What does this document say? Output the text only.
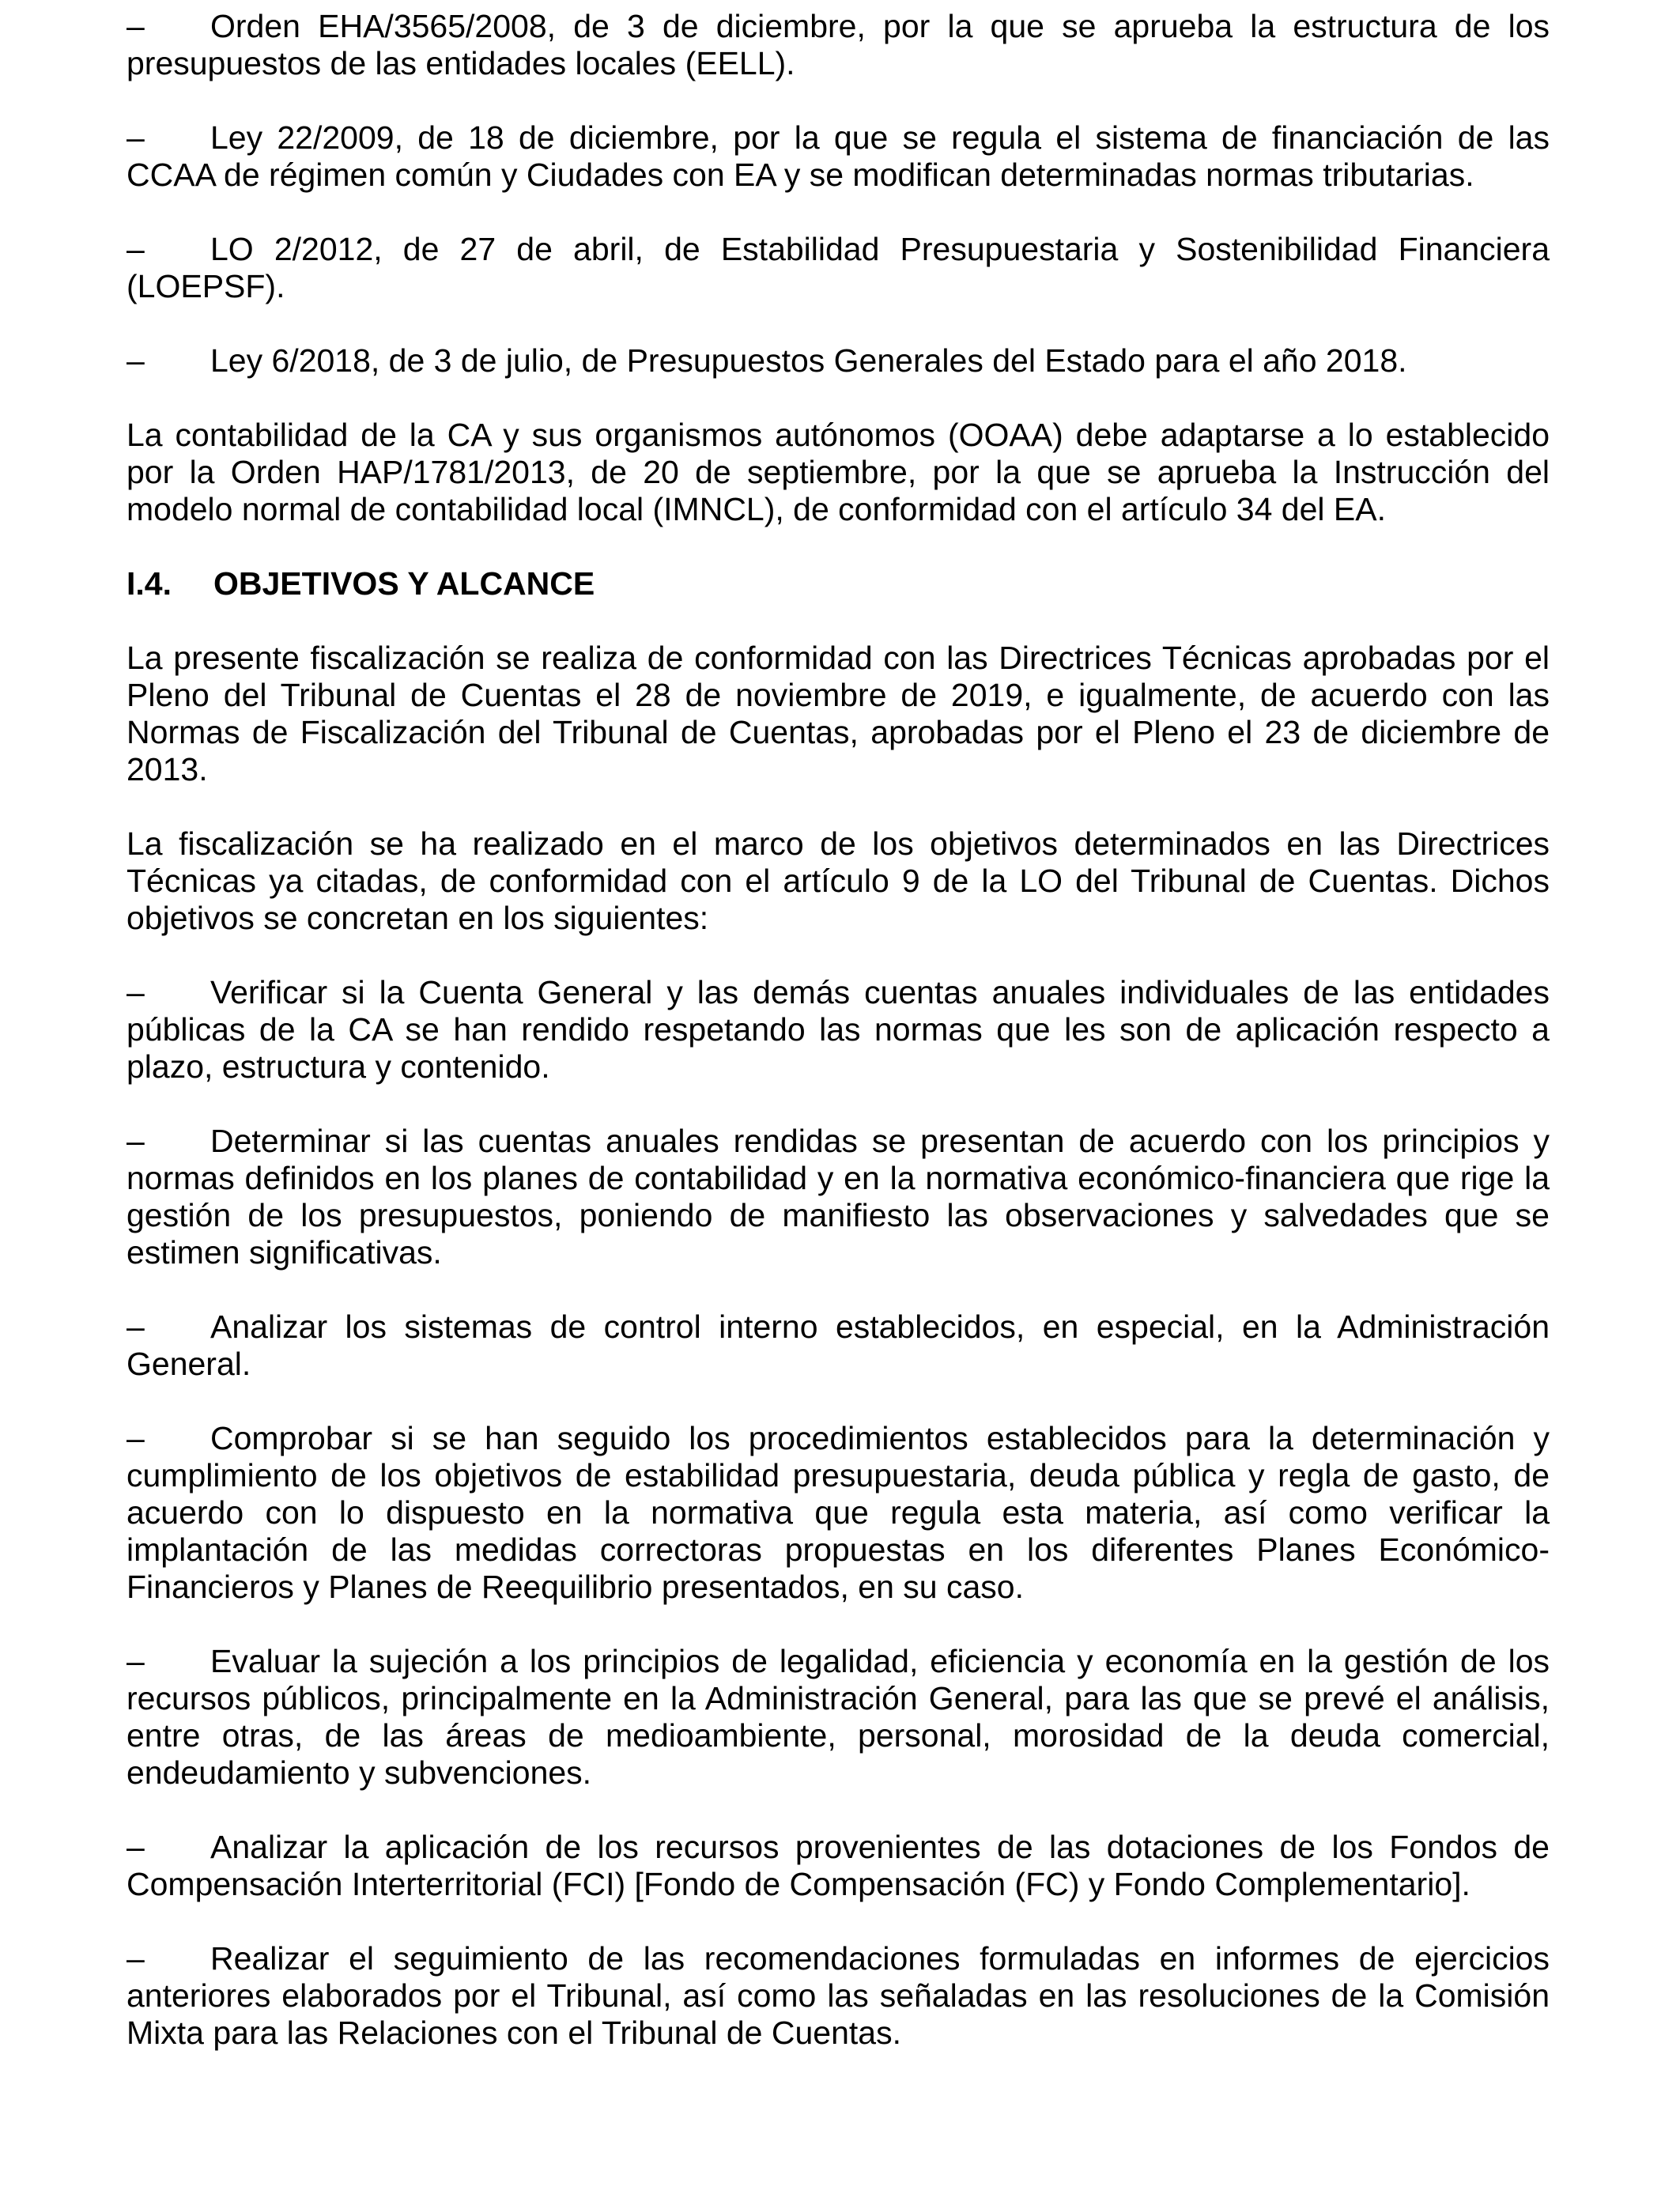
– Orden EHA/3565/2008, de 3 de diciembre, por la que se aprueba la estructura de los presupuestos de las entidades locales (EELL).

– Ley 22/2009, de 18 de diciembre, por la que se regula el sistema de financiación de las CCAA de régimen común y Ciudades con EA y se modifican determinadas normas tributarias.

– LO 2/2012, de 27 de abril, de Estabilidad Presupuestaria y Sostenibilidad Financiera (LOEPSF).

– Ley 6/2018, de 3 de julio, de Presupuestos Generales del Estado para el año 2018.

La contabilidad de la CA y sus organismos autónomos (OOAA) debe adaptarse a lo establecido por la Orden HAP/1781/2013, de 20 de septiembre, por la que se aprueba la Instrucción del modelo normal de contabilidad local (IMNCL), de conformidad con el artículo 34 del EA.

I.4. OBJETIVOS Y ALCANCE

La presente fiscalización se realiza de conformidad con las Directrices Técnicas aprobadas por el Pleno del Tribunal de Cuentas el 28 de noviembre de 2019, e igualmente, de acuerdo con las Normas de Fiscalización del Tribunal de Cuentas, aprobadas por el Pleno el 23 de diciembre de 2013.

La fiscalización se ha realizado en el marco de los objetivos determinados en las Directrices Técnicas ya citadas, de conformidad con el artículo 9 de la LO del Tribunal de Cuentas. Dichos objetivos se concretan en los siguientes:

– Verificar si la Cuenta General y las demás cuentas anuales individuales de las entidades públicas de la CA se han rendido respetando las normas que les son de aplicación respecto a plazo, estructura y contenido.

– Determinar si las cuentas anuales rendidas se presentan de acuerdo con los principios y normas definidos en los planes de contabilidad y en la normativa económico-financiera que rige la gestión de los presupuestos, poniendo de manifiesto las observaciones y salvedades que se estimen significativas.

– Analizar los sistemas de control interno establecidos, en especial, en la Administración General.

– Comprobar si se han seguido los procedimientos establecidos para la determinación y cumplimiento de los objetivos de estabilidad presupuestaria, deuda pública y regla de gasto, de acuerdo con lo dispuesto en la normativa que regula esta materia, así como verificar la implantación de las medidas correctoras propuestas en los diferentes Planes Económico-Financieros y Planes de Reequilibrio presentados, en su caso.

– Evaluar la sujeción a los principios de legalidad, eficiencia y economía en la gestión de los recursos públicos, principalmente en la Administración General, para las que se prevé el análisis, entre otras, de las áreas de medioambiente, personal, morosidad de la deuda comercial, endeudamiento y subvenciones.

– Analizar la aplicación de los recursos provenientes de las dotaciones de los Fondos de Compensación Interterritorial (FCI) [Fondo de Compensación (FC) y Fondo Complementario].

– Realizar el seguimiento de las recomendaciones formuladas en informes de ejercicios anteriores elaborados por el Tribunal, así como las señaladas en las resoluciones de la Comisión Mixta para las Relaciones con el Tribunal de Cuentas.
